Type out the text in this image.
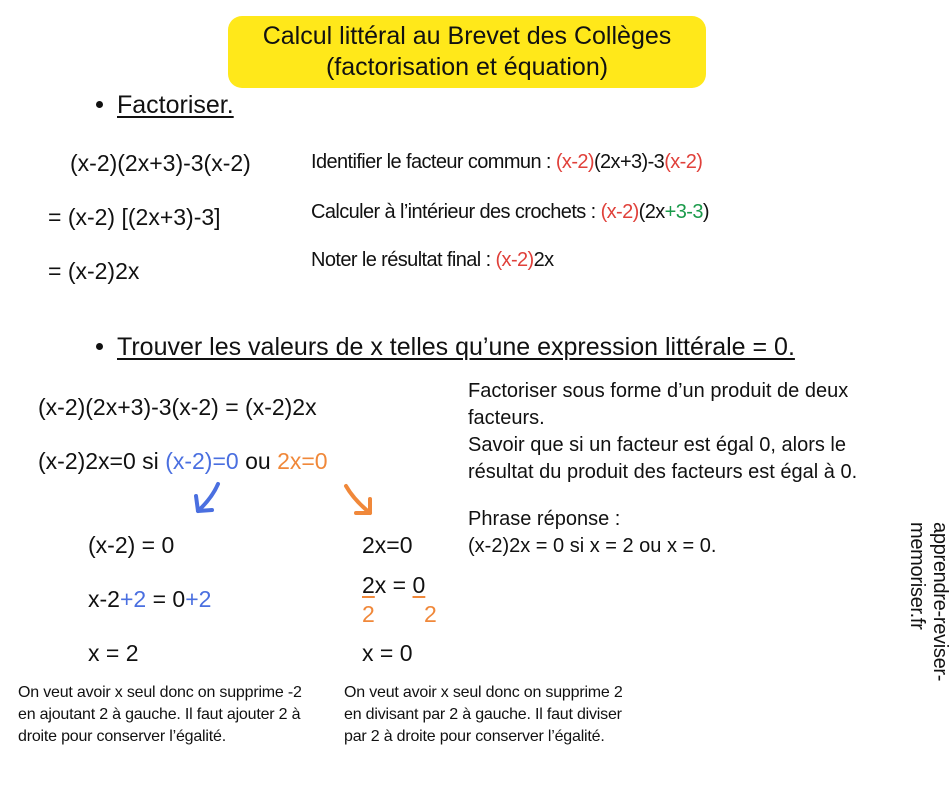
Calcul littéral au Brevet des Collèges
(factorisation et équation)
Factoriser.
(x-2)(2x+3)-3(x-2)
= (x-2) [(2x+3)-3]
= (x-2)2x
Identifier le facteur commun : (x-2)(2x+3)-3(x-2)
Calculer à l’intérieur des crochets : (x-2)(2x+3-3)
Noter le résultat final : (x-2)2x
Trouver les valeurs de x telles qu’une expression littérale = 0.
(x-2)(2x+3)-3(x-2) = (x-2)2x
(x-2)2x=0 si (x-2)=0 ou 2x=0
Factoriser sous forme d’un produit de deux
facteurs.
Savoir que si un facteur est égal 0, alors le
résultat du produit des facteurs est égal à 0.
Phrase réponse :
(x-2)2x = 0 si x = 2 ou x = 0.
(x-2) = 0
x-2+2 = 0+2
x = 2
On veut avoir x seul donc on supprime -2 en ajoutant 2 à gauche. Il faut ajouter 2 à droite pour conserver l’égalité.
2x=0
2x = 0
2 2
x = 0
On veut avoir x seul donc on supprime 2 en divisant par 2 à gauche. Il faut diviser par 2 à droite pour conserver l’égalité.
apprendre-reviser-memoriser.fr
